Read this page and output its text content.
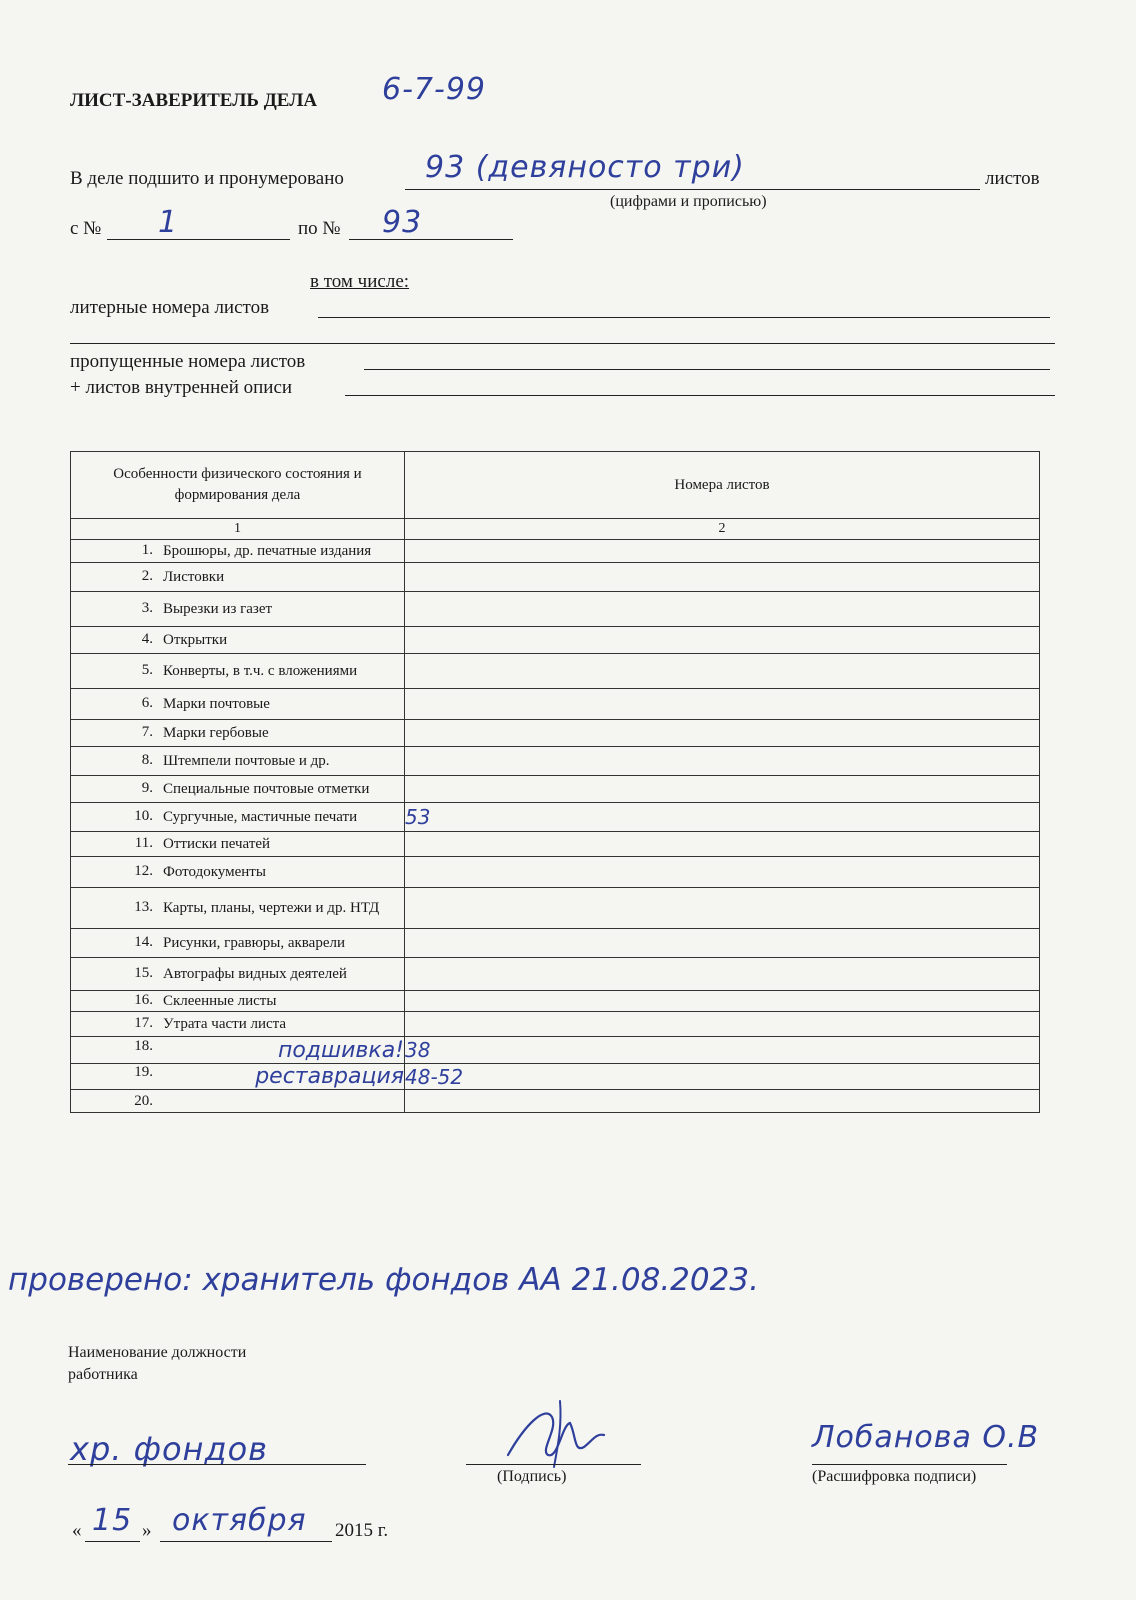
ЛИСТ-ЗАВЕРИТЕЛЬ ДЕЛА 6-7-99
В деле подшито и пронумеровано	93 (девяносто три)	листов
(цифрами и прописью)
с № 1	по № 93
в том числе:
литерные номера листов
пропущенные номера листов
+ листов внутренней описи
Особенности физического состояния и формирования дела	Номера листов
1	2

1. Брошюры, др. печатные издания	

2. Листовки	

3. Вырезки из газет	

4. Открытки	

5. Конверты, в т.ч. с вложениями	

6. Марки почтовые	

7. Марки гербовые	

8. Штемпели почтовые и др.	

9. Специальные почтовые отметки	

10. Сургучные, мастичные печати	53

11. Оттиски печатей	

12. Фотодокументы	

13. Карты, планы, чертежи и др. НТД	

14. Рисунки, гравюры, акварели	

15. Автографы видных деятелей	

16. Склеенные листы	

17. Утрата части листа	

18. подшивка!	38

19. реставрация	48-52

20.	

проверено: хранитель фондов АА 21.08.2023.
Наименование должности работника
хр. фондов
(Подпись)
Лобанова О.В
(Расшифровка подписи)
« 15 » октября 2015 г.
